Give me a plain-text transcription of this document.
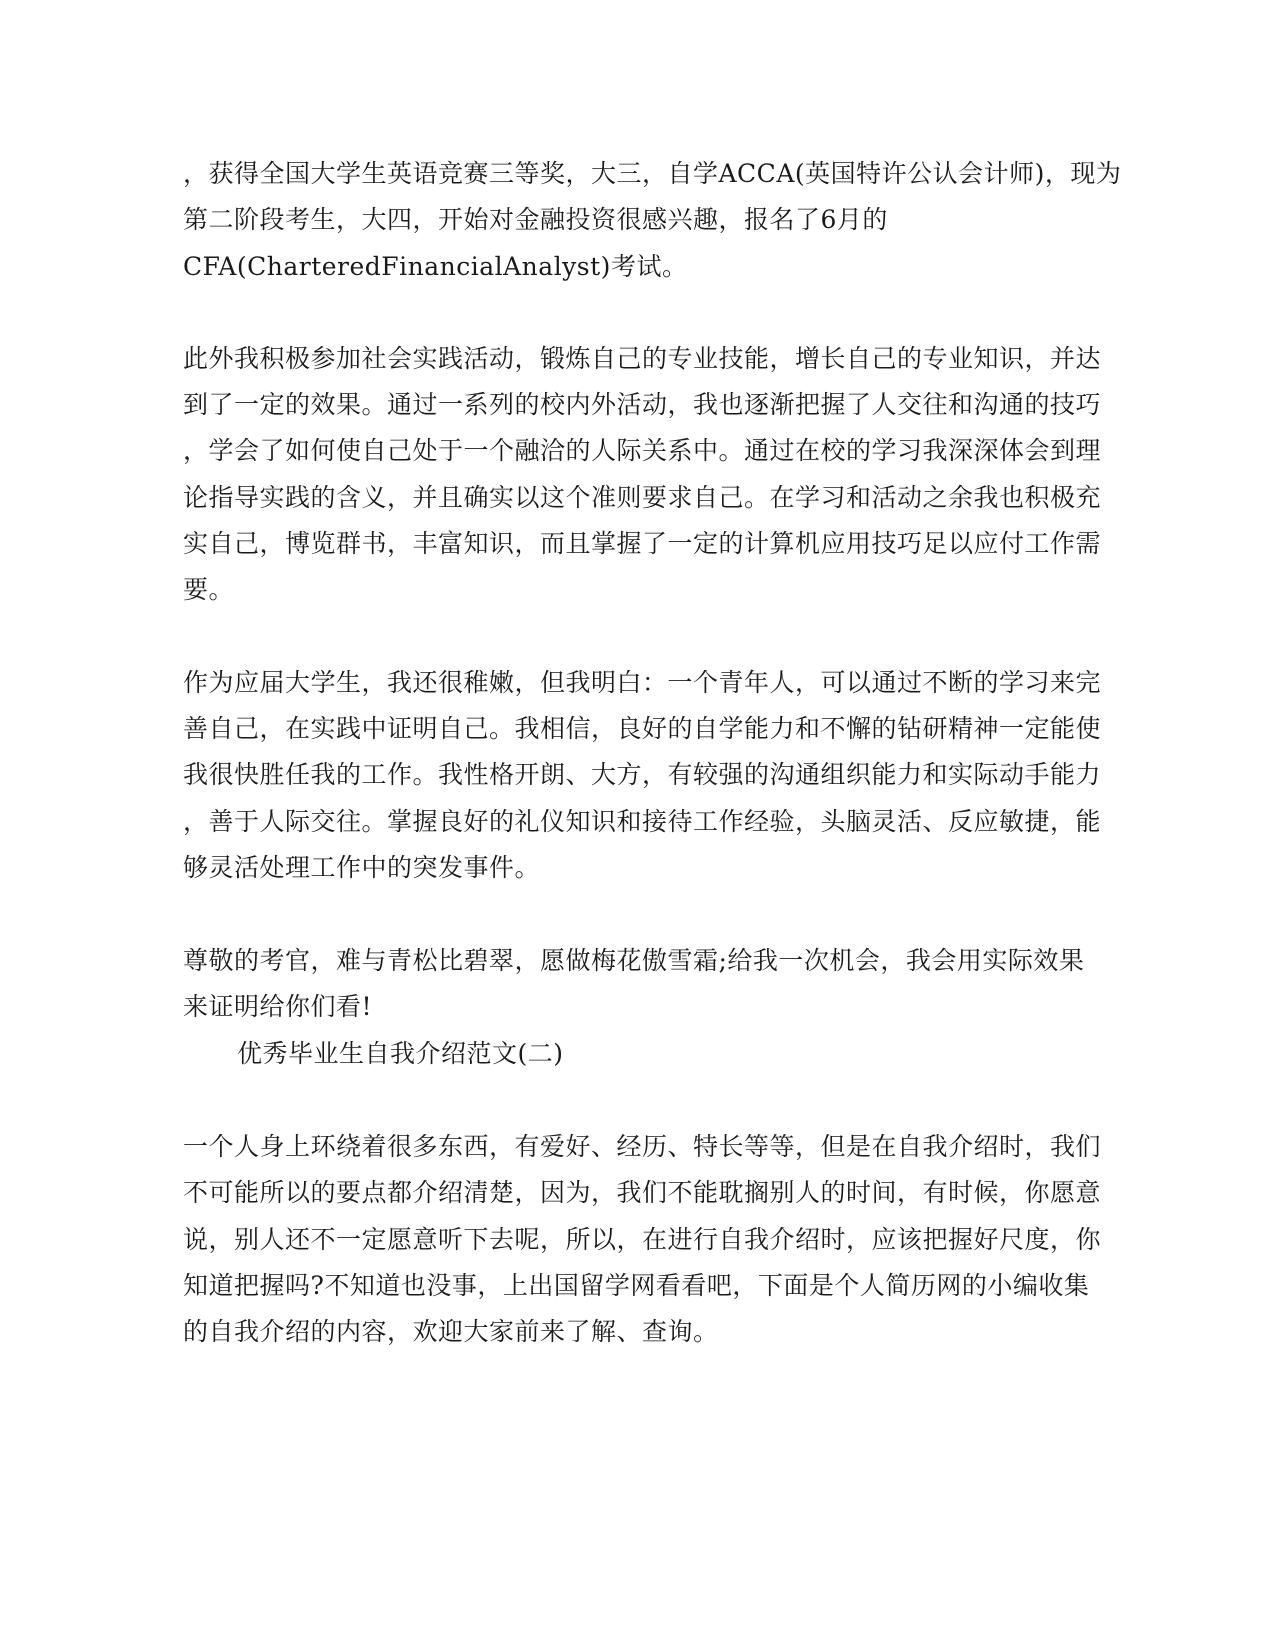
，获得全国大学生英语竞赛三等奖，大三，自学ACCA(英国特许公认会计师)，现为
第二阶段考生，大四，开始对金融投资很感兴趣，报名了6月的
CFA(CharteredFinancialAnalyst)考试。
此外我积极参加社会实践活动，锻炼自己的专业技能，增长自己的专业知识，并达
到了一定的效果。通过一系列的校内外活动，我也逐渐把握了人交往和沟通的技巧
，学会了如何使自己处于一个融洽的人际关系中。通过在校的学习我深深体会到理
论指导实践的含义，并且确实以这个准则要求自己。在学习和活动之余我也积极充
实自己，博览群书，丰富知识，而且掌握了一定的计算机应用技巧足以应付工作需
要。
作为应届大学生，我还很稚嫩，但我明白：一个青年人，可以通过不断的学习来完
善自己，在实践中证明自己。我相信，良好的自学能力和不懈的钻研精神一定能使
我很快胜任我的工作。我性格开朗、大方，有较强的沟通组织能力和实际动手能力
，善于人际交往。掌握良好的礼仪知识和接待工作经验，头脑灵活、反应敏捷，能
够灵活处理工作中的突发事件。
尊敬的考官，难与青松比碧翠，愿做梅花傲雪霜;给我一次机会，我会用实际效果
来证明给你们看!
优秀毕业生自我介绍范文(二)
一个人身上环绕着很多东西，有爱好、经历、特长等等，但是在自我介绍时，我们
不可能所以的要点都介绍清楚，因为，我们不能耽搁别人的时间，有时候，你愿意
说，别人还不一定愿意听下去呢，所以，在进行自我介绍时，应该把握好尺度，你
知道把握吗?不知道也没事，上出国留学网看看吧，下面是个人简历网的小编收集
的自我介绍的内容，欢迎大家前来了解、查询。
